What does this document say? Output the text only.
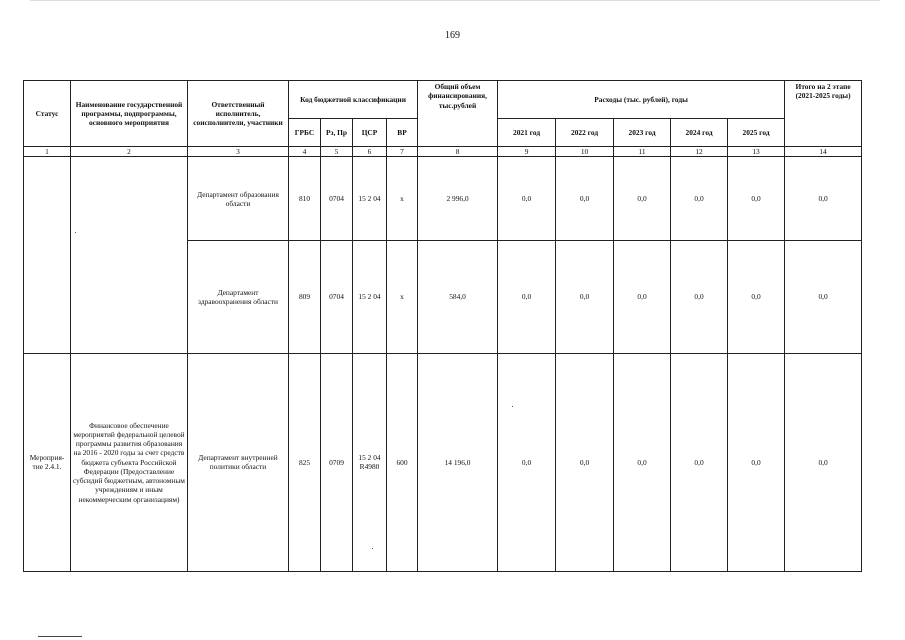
169
Статус	Наименование государственной программы, подпрограммы, основного мероприятия	Ответственный исполнитель, соисполнители, участники	Код бюджетной классификации				Общий объем финансирования, тыс.рублей	Расходы (тыс. рублей), годы					Итого на 2 этапе (2021-2025 годы)
			ГРБС	Рз, Пр	ЦСР	ВР		2021 год	2022 год	2023 год	2024 год	2025 год	
1	2	3	4	5	6	7	8	9	10	11	12	13	14
		Департамент образования области	810	0704	15 2 04	х	2 996,0	0,0	0,0	0,0	0,0	0,0	0,0
		Департамент здравоохранения области	809	0704	15 2 04	х	584,0	0,0	0,0	0,0	0,0	0,0	0,0
Мероприя-тие 2.4.1.	Финансовое обеспечение мероприятий федеральной целевой программы развития образования на 2016 - 2020 годы за счет средств бюджета субъекта Российской Федерации (Предоставление субсидий бюджетным, автономным учреждениям и иным некоммерческим организациям)	Департамент внутренней политики области	825	0709	15 2 04 R4980	600	14 196,0	0,0	0,0	0,0	0,0	0,0	0,0
